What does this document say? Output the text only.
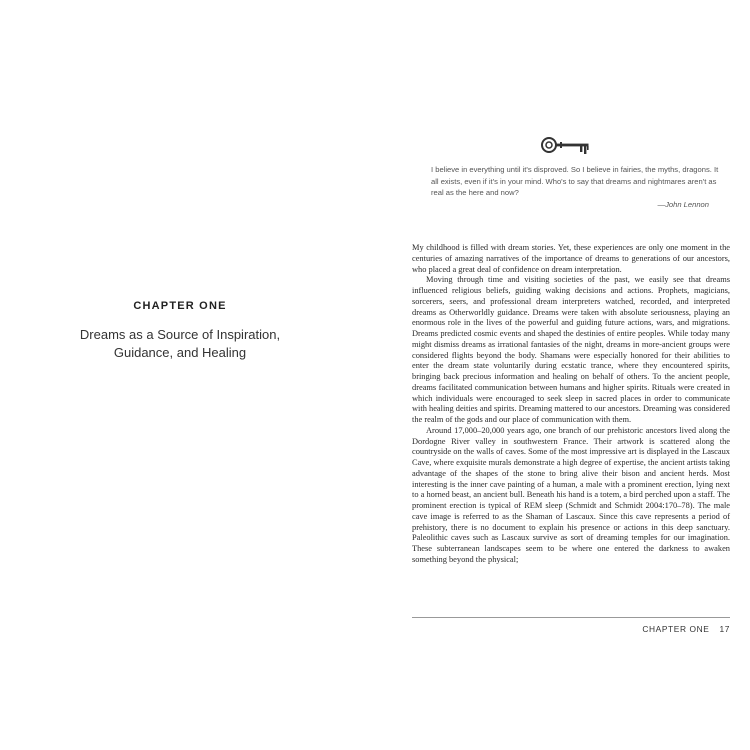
CHAPTER ONE
Dreams as a Source of Inspiration,
Guidance, and Healing
I believe in everything until it's disproved. So I believe in fairies, the myths, dragons. It all exists, even if it's in your mind. Who's to say that dreams and nightmares aren't as real as the here and now?
—John Lennon

My childhood is filled with dream stories. Yet, these experiences are only one moment in the centuries of amazing narratives of the importance of dreams to generations of our ancestors, who placed a great deal of confidence on dream interpretation.

Moving through time and visiting societies of the past, we easily see that dreams influenced religious beliefs, guiding waking decisions and actions. Prophets, magicians, sorcerers, seers, and professional dream interpreters watched, recorded, and interpreted dreams as Otherworldly guidance. Dreams were taken with absolute seriousness, playing an enormous role in the lives of the powerful and guiding future actions, wars, and migrations. Dreams predicted cosmic events and shaped the destinies of entire peoples. While today many might dismiss dreams as irrational fantasies of the night, dreams in more-ancient groups were considered flights beyond the body. Shamans were especially honored for their abilities to enter the dream state voluntarily during ecstatic trance, where they encountered spirits, bringing back precious information and healing on behalf of others. To the ancient people, dreams facilitated communication between humans and higher spirits. Rituals were created in which individuals were encouraged to seek sleep in sacred places in order to communicate with healing deities and spirits. Dreaming mattered to our ancestors. Dreaming was considered the realm of the gods and our place of communication with them.

Around 17,000–20,000 years ago, one branch of our prehistoric ancestors lived along the Dordogne River valley in southwestern France. Their artwork is scattered along the countryside on the walls of caves. Some of the most impressive art is displayed in the Lascaux Cave, where exquisite murals demonstrate a high degree of expertise, the ancient artists taking advantage of the shapes of the stone to bring alive their bison and ancient herds. Most interesting is the inner cave painting of a human, a male with a prominent erection, lying next to a horned beast, an ancient bull. Beneath his hand is a totem, a bird perched upon a staff. The prominent erection is typical of REM sleep (Schmidt and Schmidt 2004:170–78). The male cave image is referred to as the Shaman of Lascaux. Since this cave represents a period of prehistory, there is no document to explain his presence or actions in this deep sanctuary. Paleolithic caves such as Lascaux survive as sort of dreaming temples for our imagination. These subterranean landscapes seem to be where one entered the darkness to awaken something beyond the physical;

CHAPTER ONE 17
